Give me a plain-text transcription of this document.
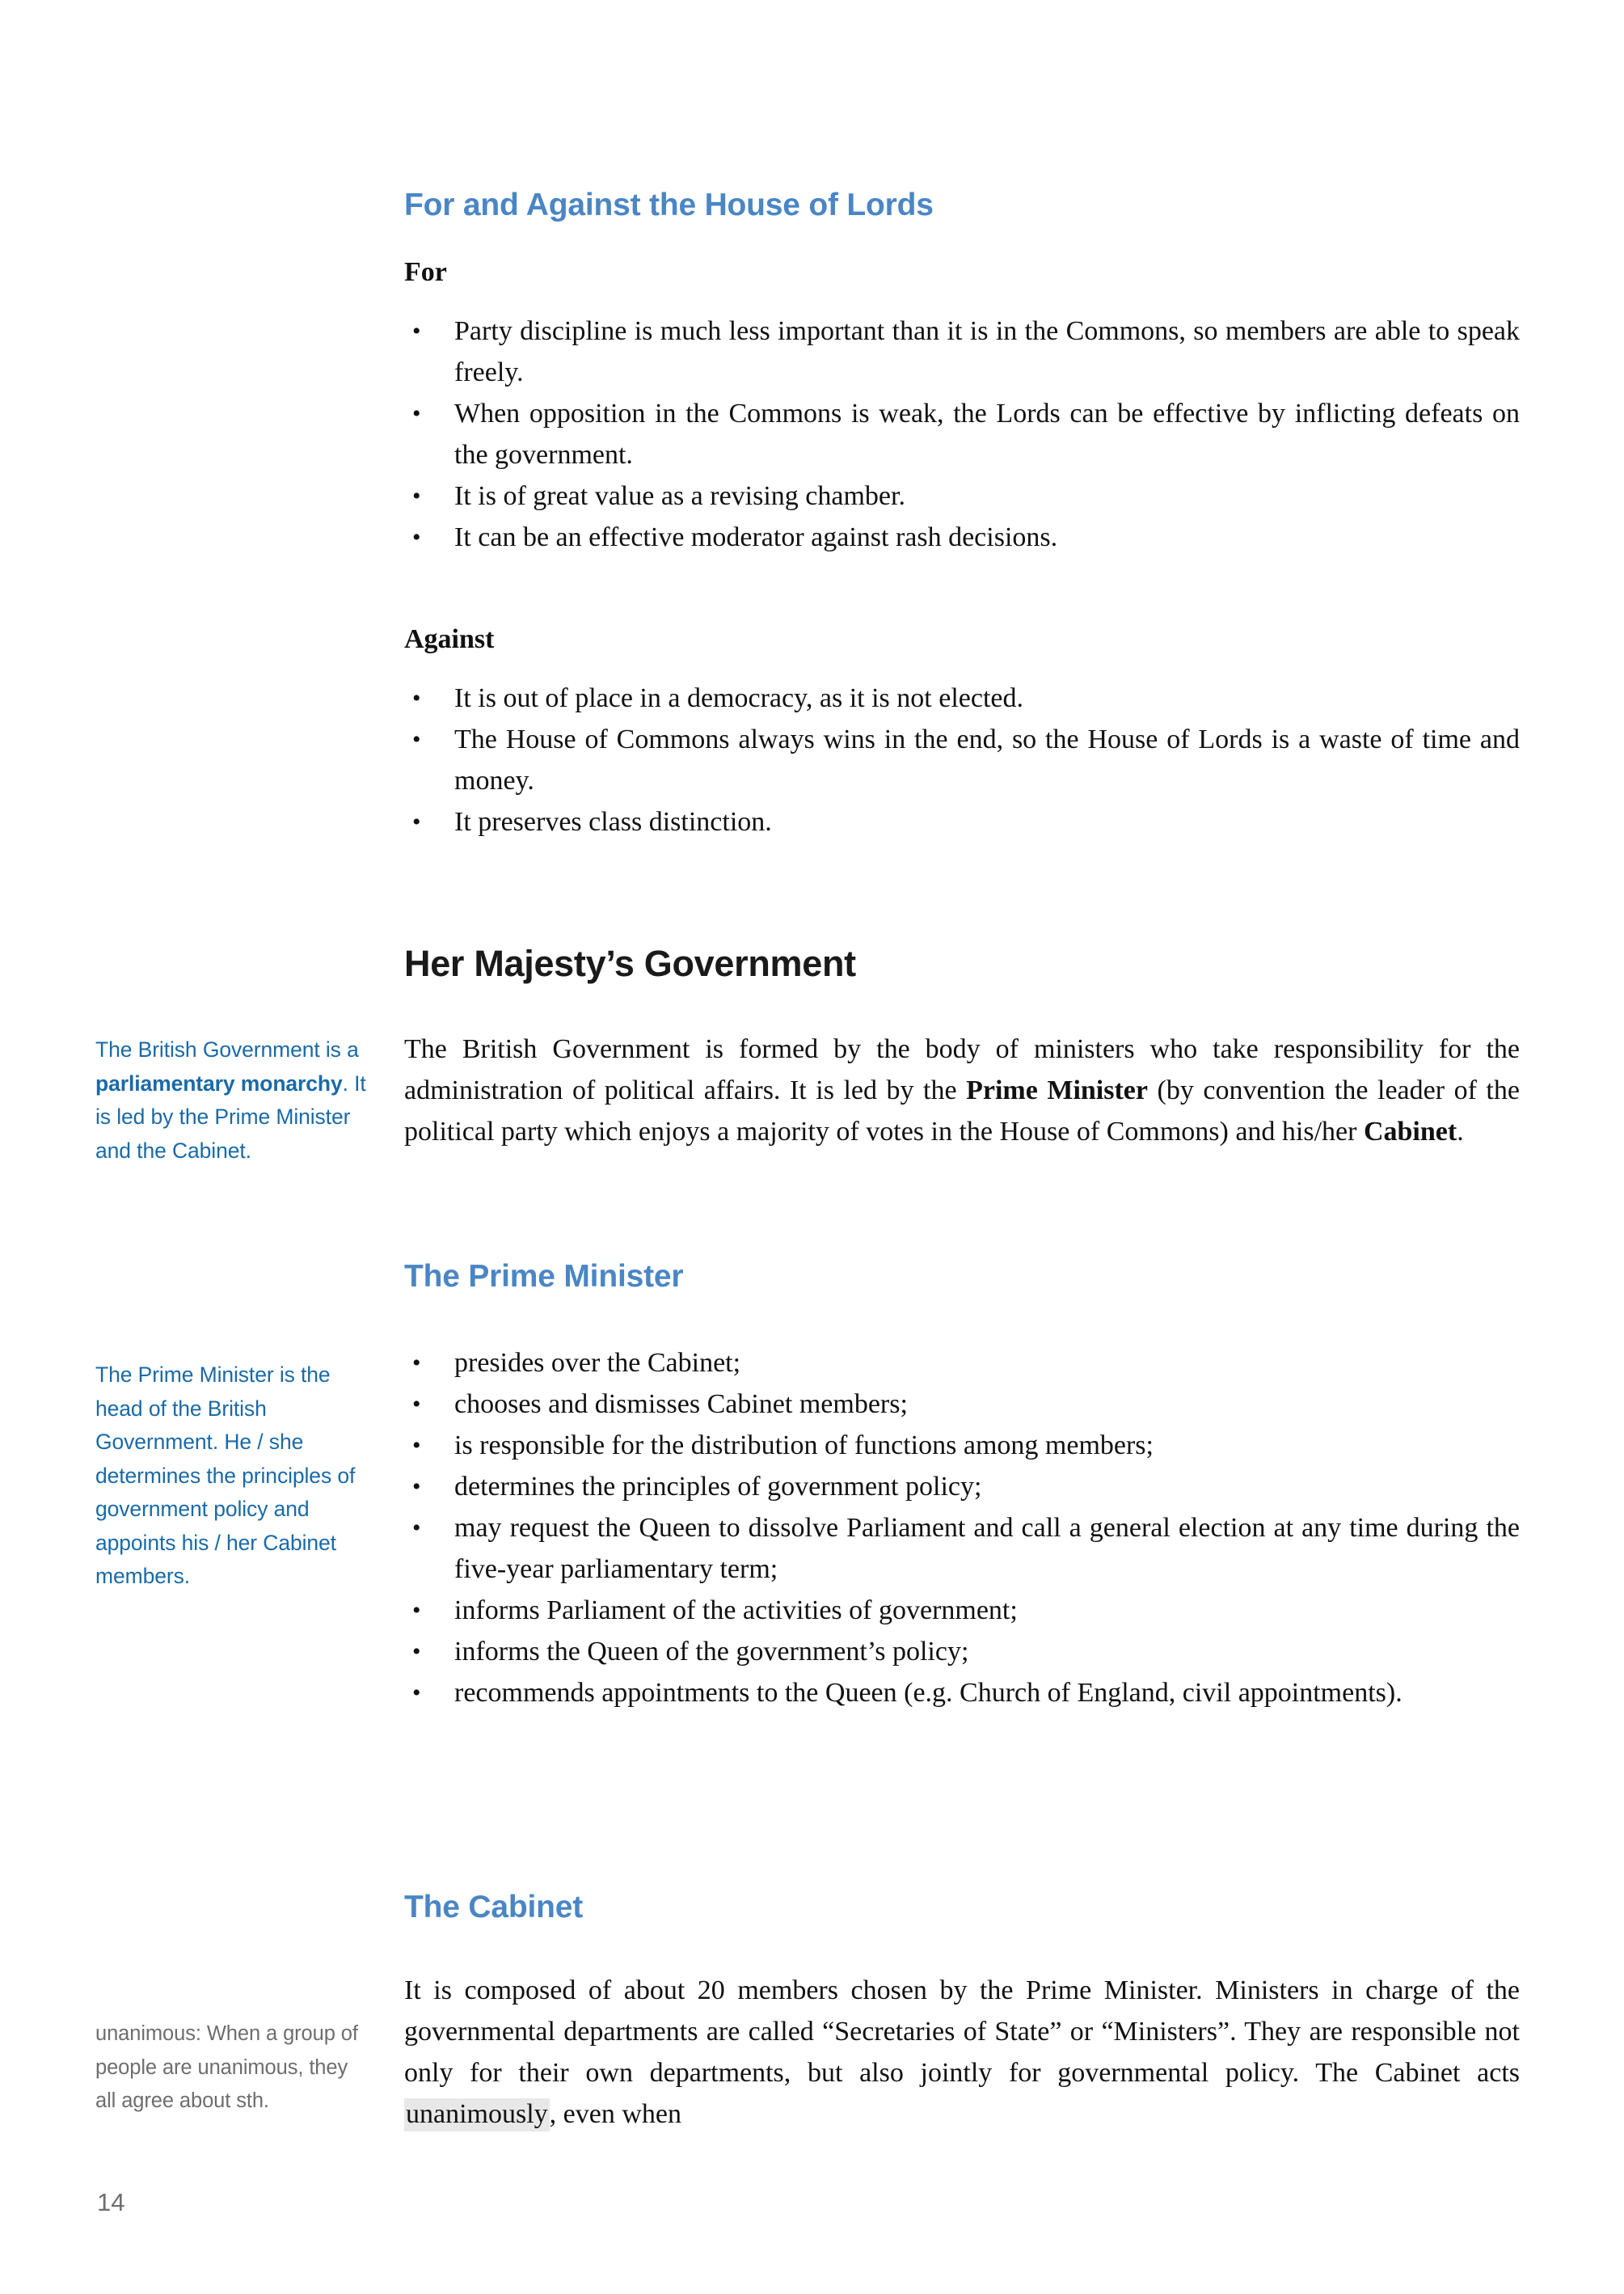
The British Government is a parliamentary monarchy. It is led by the Prime Minister and the Cabinet.
The Prime Minister is the head of the British Government. He / she determines the principles of government policy and appoints his / her Cabinet members.
unanimous: When a group of people are unanimous, they all agree about sth.
14
For and Against the House of Lords

For

• Party discipline is much less important than it is in the Commons, so members are able to speak freely.
• When opposition in the Commons is weak, the Lords can be effective by inflicting defeats on the government.
• It is of great value as a revising chamber.
• It can be an effective moderator against rash decisions.

Against

• It is out of place in a democracy, as it is not elected.
• The House of Commons always wins in the end, so the House of Lords is a waste of time and money.
• It preserves class distinction.
Her Majesty’s Government

The British Government is formed by the body of ministers who take responsibility for the administration of political affairs. It is led by the Prime Minister (by convention the leader of the political party which enjoys a majority of votes in the House of Commons) and his/her Cabinet.

The Prime Minister
• presides over the Cabinet;
• chooses and dismisses Cabinet members;
• is responsible for the distribution of functions among members;
• determines the principles of government policy;
• may request the Queen to dissolve Parliament and call a general election at any time during the five-year parliamentary term;
• informs Parliament of the activities of government;
• informs the Queen of the government’s policy;
• recommends appointments to the Queen (e.g. Church of England, civil appointments).
The Cabinet

It is composed of about 20 members chosen by the Prime Minister. Ministers in charge of the governmental departments are called “Secretaries of State” or “Ministers”. They are responsible not only for their own departments, but also jointly for governmental policy. The Cabinet acts unanimously, even when
